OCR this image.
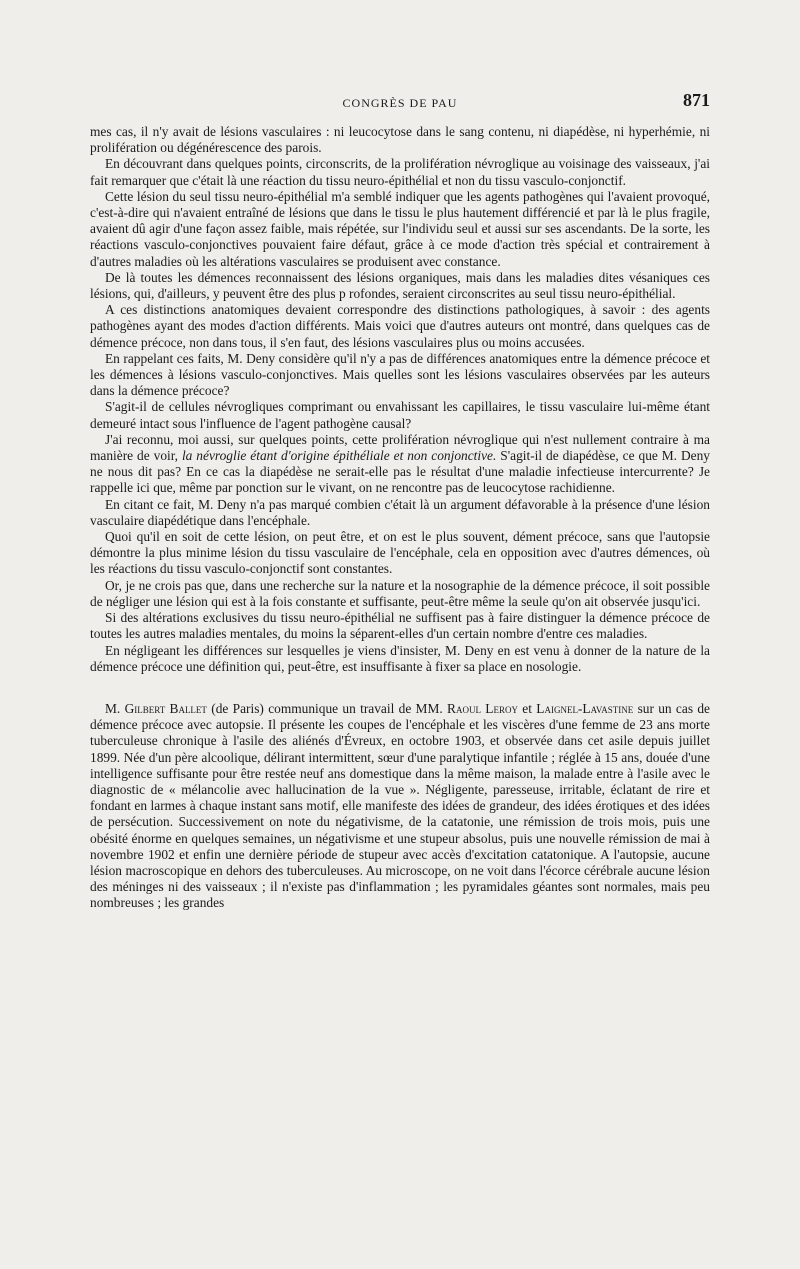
CONGRÈS DE PAU	871

mes cas, il n'y avait de lésions vasculaires : ni leucocytose dans le sang contenu, ni diapédèse, ni hyperhémie, ni prolifération ou dégénérescence des parois.

En découvrant dans quelques points, circonscrits, de la prolifération névroglique au voisinage des vaisseaux, j'ai fait remarquer que c'était là une réaction du tissu neuro-épithélial et non du tissu vasculo-conjonctif.

Cette lésion du seul tissu neuro-épithélial m'a semblé indiquer que les agents pathogènes qui l'avaient provoqué, c'est-à-dire qui n'avaient entraîné de lésions que dans le tissu le plus hautement différencié et par là le plus fragile, avaient dû agir d'une façon assez faible, mais répétée, sur l'individu seul et aussi sur ses ascendants. De la sorte, les réactions vasculo-conjonctives pouvaient faire défaut, grâce à ce mode d'action très spécial et contrairement à d'autres maladies où les altérations vasculaires se produisent avec constance.

De là toutes les démences reconnaissent des lésions organiques, mais dans les maladies dites vésaniques ces lésions, qui, d'ailleurs, y peuvent être des plus p rofondes, seraient circonscrites au seul tissu neuro-épithélial.

A ces distinctions anatomiques devaient correspondre des distinctions pathologiques, à savoir : des agents pathogènes ayant des modes d'action différents. Mais voici que d'autres auteurs ont montré, dans quelques cas de démence précoce, non dans tous, il s'en faut, des lésions vasculaires plus ou moins accusées.

En rappelant ces faits, M. Deny considère qu'il n'y a pas de différences anatomiques entre la démence précoce et les démences à lésions vasculo-conjonctives. Mais quelles sont les lésions vasculaires observées par les auteurs dans la démence précoce?

S'agit-il de cellules névrogliques comprimant ou envahissant les capillaires, le tissu vasculaire lui-même étant demeuré intact sous l'influence de l'agent pathogène causal?

J'ai reconnu, moi aussi, sur quelques points, cette prolifération névroglique qui n'est nullement contraire à ma manière de voir, la névroglie étant d'origine épithéliale et non conjonctive. S'agit-il de diapédèse, ce que M. Deny ne nous dit pas? En ce cas la diapédèse ne serait-elle pas le résultat d'une maladie infectieuse intercurrente? Je rappelle ici que, même par ponction sur le vivant, on ne rencontre pas de leucocytose rachidienne.

En citant ce fait, M. Deny n'a pas marqué combien c'était là un argument défavorable à la présence d'une lésion vasculaire diapédétique dans l'encéphale.

Quoi qu'il en soit de cette lésion, on peut être, et on est le plus souvent, dément précoce, sans que l'autopsie démontre la plus minime lésion du tissu vasculaire de l'encéphale, cela en opposition avec d'autres démences, où les réactions du tissu vasculo-conjonctif sont constantes.

Or, je ne crois pas que, dans une recherche sur la nature et la nosographie de la démence précoce, il soit possible de négliger une lésion qui est à la fois constante et suffisante, peut-être même la seule qu'on ait observée jusqu'ici.

Si des altérations exclusives du tissu neuro-épithélial ne suffisent pas à faire distinguer la démence précoce de toutes les autres maladies mentales, du moins la séparent-elles d'un certain nombre d'entre ces maladies.

En négligeant les différences sur lesquelles je viens d'insister, M. Deny en est venu à donner de la nature de la démence précoce une définition qui, peut-être, est insuffisante à fixer sa place en nosologie.

M. Gilbert Ballet (de Paris) communique un travail de MM. Raoul Leroy et Laignel-Lavastine sur un cas de démence précoce avec autopsie. Il présente les coupes de l'encéphale et les viscères d'une femme de 23 ans morte tuberculeuse chronique à l'asile des aliénés d'Évreux, en octobre 1903, et observée dans cet asile depuis juillet 1899. Née d'un père alcoolique, délirant intermittent, sœur d'une paralytique infantile ; réglée à 15 ans, douée d'une intelligence suffisante pour être restée neuf ans domestique dans la même maison, la malade entre à l'asile avec le diagnostic de « mélancolie avec hallucination de la vue ». Négligente, paresseuse, irritable, éclatant de rire et fondant en larmes à chaque instant sans motif, elle manifeste des idées de grandeur, des idées érotiques et des idées de persécution. Successivement on note du négativisme, de la catatonie, une rémission de trois mois, puis une obésité énorme en quelques semaines, un négativisme et une stupeur absolus, puis une nouvelle rémission de mai à novembre 1902 et enfin une dernière période de stupeur avec accès d'excitation catatonique. A l'autopsie, aucune lésion macroscopique en dehors des tuberculeuses. Au microscope, on ne voit dans l'écorce cérébrale aucune lésion des méninges ni des vaisseaux ; il n'existe pas d'inflammation ; les pyramidales géantes sont normales, mais peu nombreuses ; les grandes
